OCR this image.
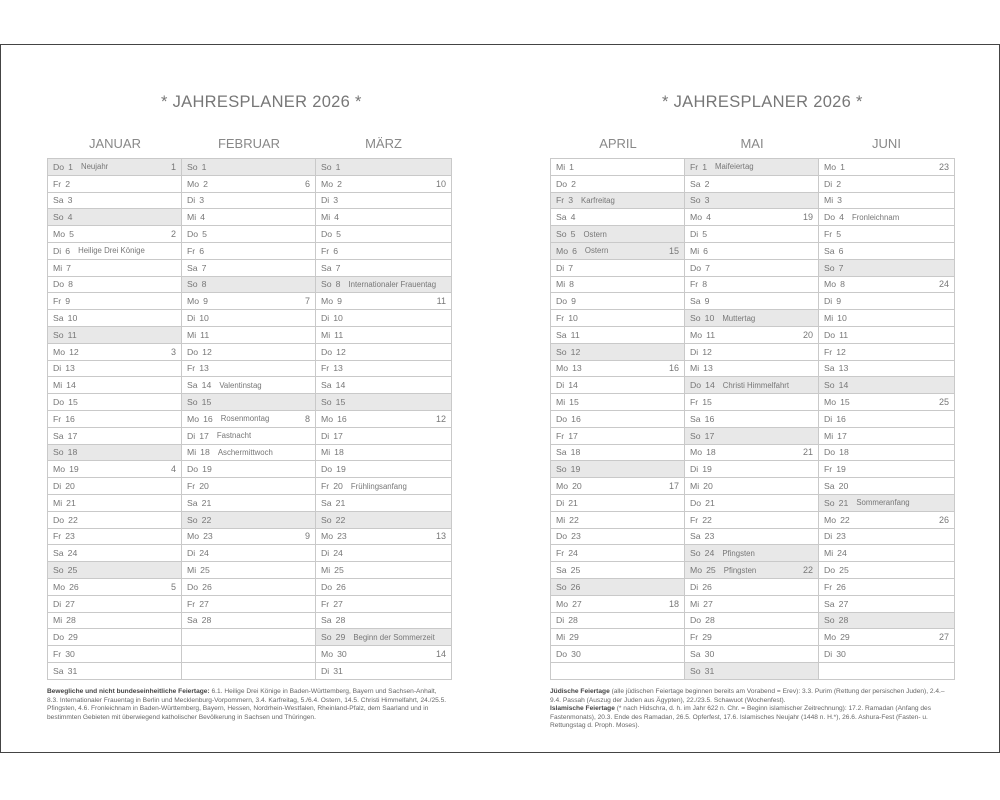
* JAHRESPLANER 2026 *
JANUAR	FEBRUAR	MÄRZ
Do 1 Neujahr 1	So 1	So 1

Fr 2	Mo 2 6	Mo 2 10

Sa 3	Di 3	Di 3

So 4	Mi 4	Mi 4

Mo 5 2	Do 5	Do 5

Di 6 Heilige Drei Könige	Fr 6	Fr 6

Mi 7	Sa 7	Sa 7

Do 8	So 8	So 8 Internationaler Frauentag

Fr 9	Mo 9 7	Mo 9 11

Sa 10	Di 10	Di 10

So 11	Mi 11	Mi 11

Mo 12 3	Do 12	Do 12

Di 13	Fr 13	Fr 13

Mi 14	Sa 14 Valentinstag	Sa 14

Do 15	So 15	So 15

Fr 16	Mo 16 Rosenmontag 8	Mo 16 12

Sa 17	Di 17 Fastnacht	Di 17

So 18	Mi 18 Aschermittwoch	Mi 18

Mo 19 4	Do 19	Do 19

Di 20	Fr 20	Fr 20 Frühlingsanfang

Mi 21	Sa 21	Sa 21

Do 22	So 22	So 22

Fr 23	Mo 23 9	Mo 23 13

Sa 24	Di 24	Di 24

So 25	Mi 25	Mi 25

Mo 26 5	Do 26	Do 26

Di 27	Fr 27	Fr 27

Mi 28	Sa 28	Sa 28

Do 29		So 29 Beginn der Sommerzeit

Fr 30		Mo 30 14

Sa 31		Di 31
Bewegliche und nicht bundeseinheitliche Feiertage: 6.1. Heilige Drei Könige in Baden-Württemberg, Bayern und Sachsen-Anhalt, 8.3. Internationaler Frauentag in Berlin und Mecklenburg-Vorpommern, 3.4. Karfreitag, 5./6.4. Ostern, 14.5. Christi Himmelfahrt, 24./25.5. Pfingsten, 4.6. Fronleichnam in Baden-Württemberg, Bayern, Hessen, Nordrhein-Westfalen, Rheinland-Pfalz, dem Saarland und in bestimmten Gebieten mit überwiegend katholischer Bevölkerung in Sachsen und Thüringen.
* JAHRESPLANER 2026 *
APRIL	MAI	JUNI
Mi 1	Fr 1 Maifeiertag	Mo 1 23

Do 2	Sa 2	Di 2

Fr 3 Karfreitag	So 3	Mi 3

Sa 4	Mo 4 19	Do 4 Fronleichnam

So 5 Ostern	Di 5	Fr 5

Mo 6 Ostern 15	Mi 6	Sa 6

Di 7	Do 7	So 7

Mi 8	Fr 8	Mo 8 24

Do 9	Sa 9	Di 9

Fr 10	So 10 Muttertag	Mi 10

Sa 11	Mo 11 20	Do 11

So 12	Di 12	Fr 12

Mo 13 16	Mi 13	Sa 13

Di 14	Do 14 Christi Himmelfahrt	So 14

Mi 15	Fr 15	Mo 15 25

Do 16	Sa 16	Di 16

Fr 17	So 17	Mi 17

Sa 18	Mo 18 21	Do 18

So 19	Di 19	Fr 19

Mo 20 17	Mi 20	Sa 20

Di 21	Do 21	So 21 Sommeranfang

Mi 22	Fr 22	Mo 22 26

Do 23	Sa 23	Di 23

Fr 24	So 24 Pfingsten	Mi 24

Sa 25	Mo 25 Pfingsten 22	Do 25

So 26	Di 26	Fr 26

Mo 27 18	Mi 27	Sa 27

Di 28	Do 28	So 28

Mi 29	Fr 29	Mo 29 27

Do 30	Sa 30	Di 30

	So 31	

Jüdische Feiertage (alle jüdischen Feiertage beginnen bereits am Vorabend = Erev): 3.3. Purim (Rettung der persischen Juden), 2.4.–9.4. Passah (Auszug der Juden aus Ägypten), 22./23.5. Schawuot (Wochenfest).
Islamische Feiertage (* nach Hidschra, d. h. im Jahr 622 n. Chr. = Beginn islamischer Zeitrechnung): 17.2. Ramadan (Anfang des Fastenmonats), 20.3. Ende des Ramadan, 26.5. Opferfest, 17.6. Islamisches Neujahr (1448 n. H.*), 26.6. Ashura-Fest (Fasten- u. Rettungstag d. Proph. Moses).
